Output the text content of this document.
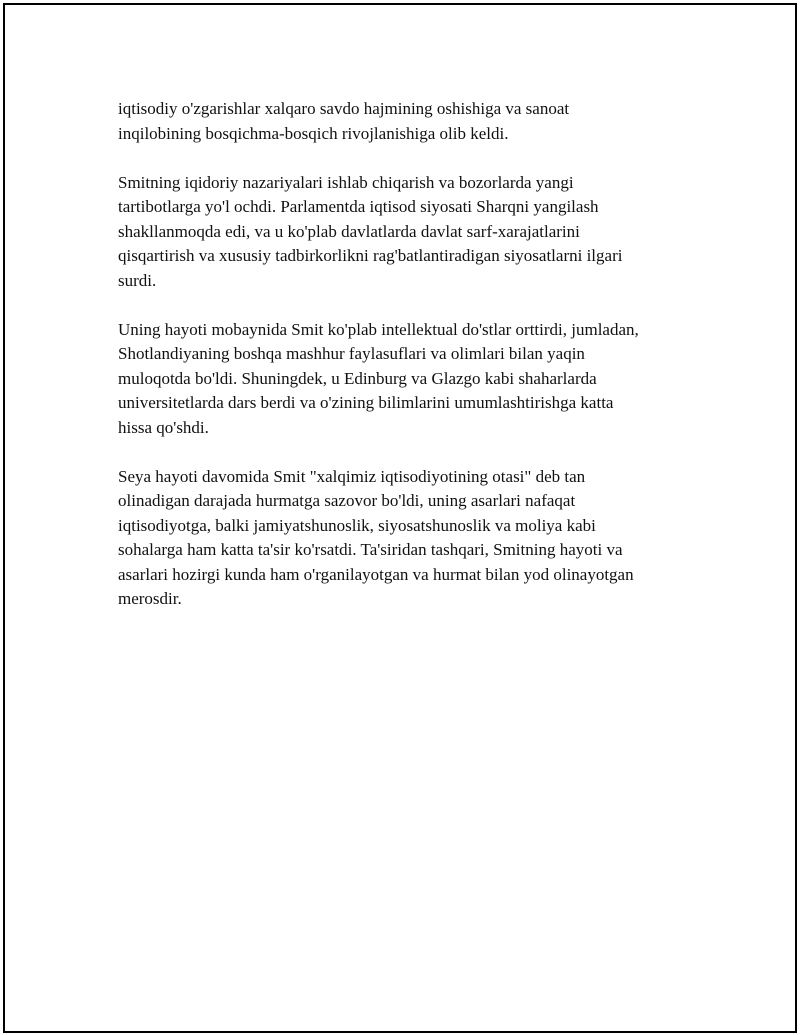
iqtisodiy o'zgarishlar xalqaro savdo hajmining oshishiga va sanoat
inqilobining bosqichma-bosqich rivojlanishiga olib keldi.

Smitning iqidoriy nazariyalari ishlab chiqarish va bozorlarda yangi
tartibotlarga yo'l ochdi. Parlamentda iqtisod siyosati Sharqni yangilash
shakllanmoqda edi, va u ko'plab davlatlarda davlat sarf-xarajatlarini
qisqartirish va xususiy tadbirkorlikni rag'batlantiradigan siyosatlarni ilgari
surdi.

Uning hayoti mobaynida Smit ko'plab intellektual do'stlar orttirdi, jumladan,
Shotlandiyaning boshqa mashhur faylasuflari va olimlari bilan yaqin
muloqotda bo'ldi. Shuningdek, u Edinburg va Glazgo kabi shaharlarda
universitetlarda dars berdi va o'zining bilimlarini umumlashtirishga katta
hissa qo'shdi.

Seya hayoti davomida Smit "xalqimiz iqtisodiyotining otasi" deb tan
olinadigan darajada hurmatga sazovor bo'ldi, uning asarlari nafaqat
iqtisodiyotga, balki jamiyatshunoslik, siyosatshunoslik va moliya kabi
sohalarga ham katta ta'sir ko'rsatdi. Ta'siridan tashqari, Smitning hayoti va
asarlari hozirgi kunda ham o'rganilayotgan va hurmat bilan yod olinayotgan
merosdir.
